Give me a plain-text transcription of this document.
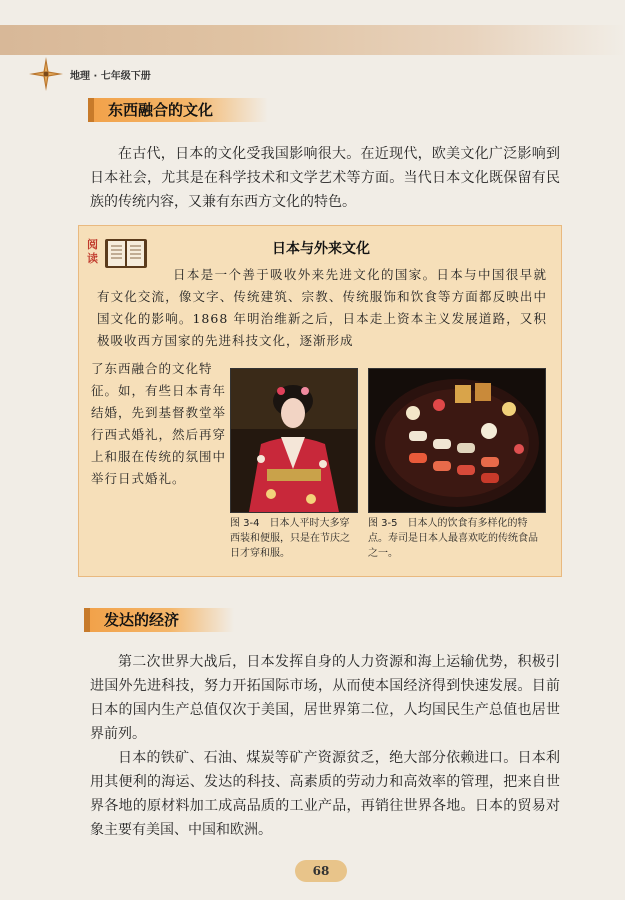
地理 · 七年级下册
东西融合的文化

在古代，日本的文化受我国影响很大。在近现代，欧美文化广泛影响到日本社会，尤其是在科学技术和文学艺术等方面。当代日本文化既保留有民族的传统内容，又兼有东西方文化的特色。

阅读
日本与外来文化

日本是一个善于吸收外来先进文化的国家。日本与中国很早就有文化交流，像文字、传统建筑、宗教、传统服饰和饮食等方面都反映出中国文化的影响。1868 年明治维新之后，日本走上资本主义发展道路，又积极吸收西方国家的先进科技文化，逐渐形成

了东西融合的文化特征。如，有些日本青年结婚，先到基督教堂举行西式婚礼，然后再穿上和服在传统的氛围中举行日式婚礼。

图 3-4　日本人平时大多穿西装和便服，只是在节庆之日才穿和服。

图 3-5　日本人的饮食有多样化的特点。寿司是日本人最喜欢吃的传统食品之一。

发达的经济

第二次世界大战后，日本发挥自身的人力资源和海上运输优势，积极引进国外先进科技，努力开拓国际市场，从而使本国经济得到快速发展。目前日本的国内生产总值仅次于美国，居世界第二位，人均国民生产总值也居世界前列。

日本的铁矿、石油、煤炭等矿产资源贫乏，绝大部分依赖进口。日本利用其便利的海运、发达的科技、高素质的劳动力和高效率的管理，把来自世界各地的原材料加工成高品质的工业产品，再销往世界各地。日本的贸易对象主要有美国、中国和欧洲。

68
